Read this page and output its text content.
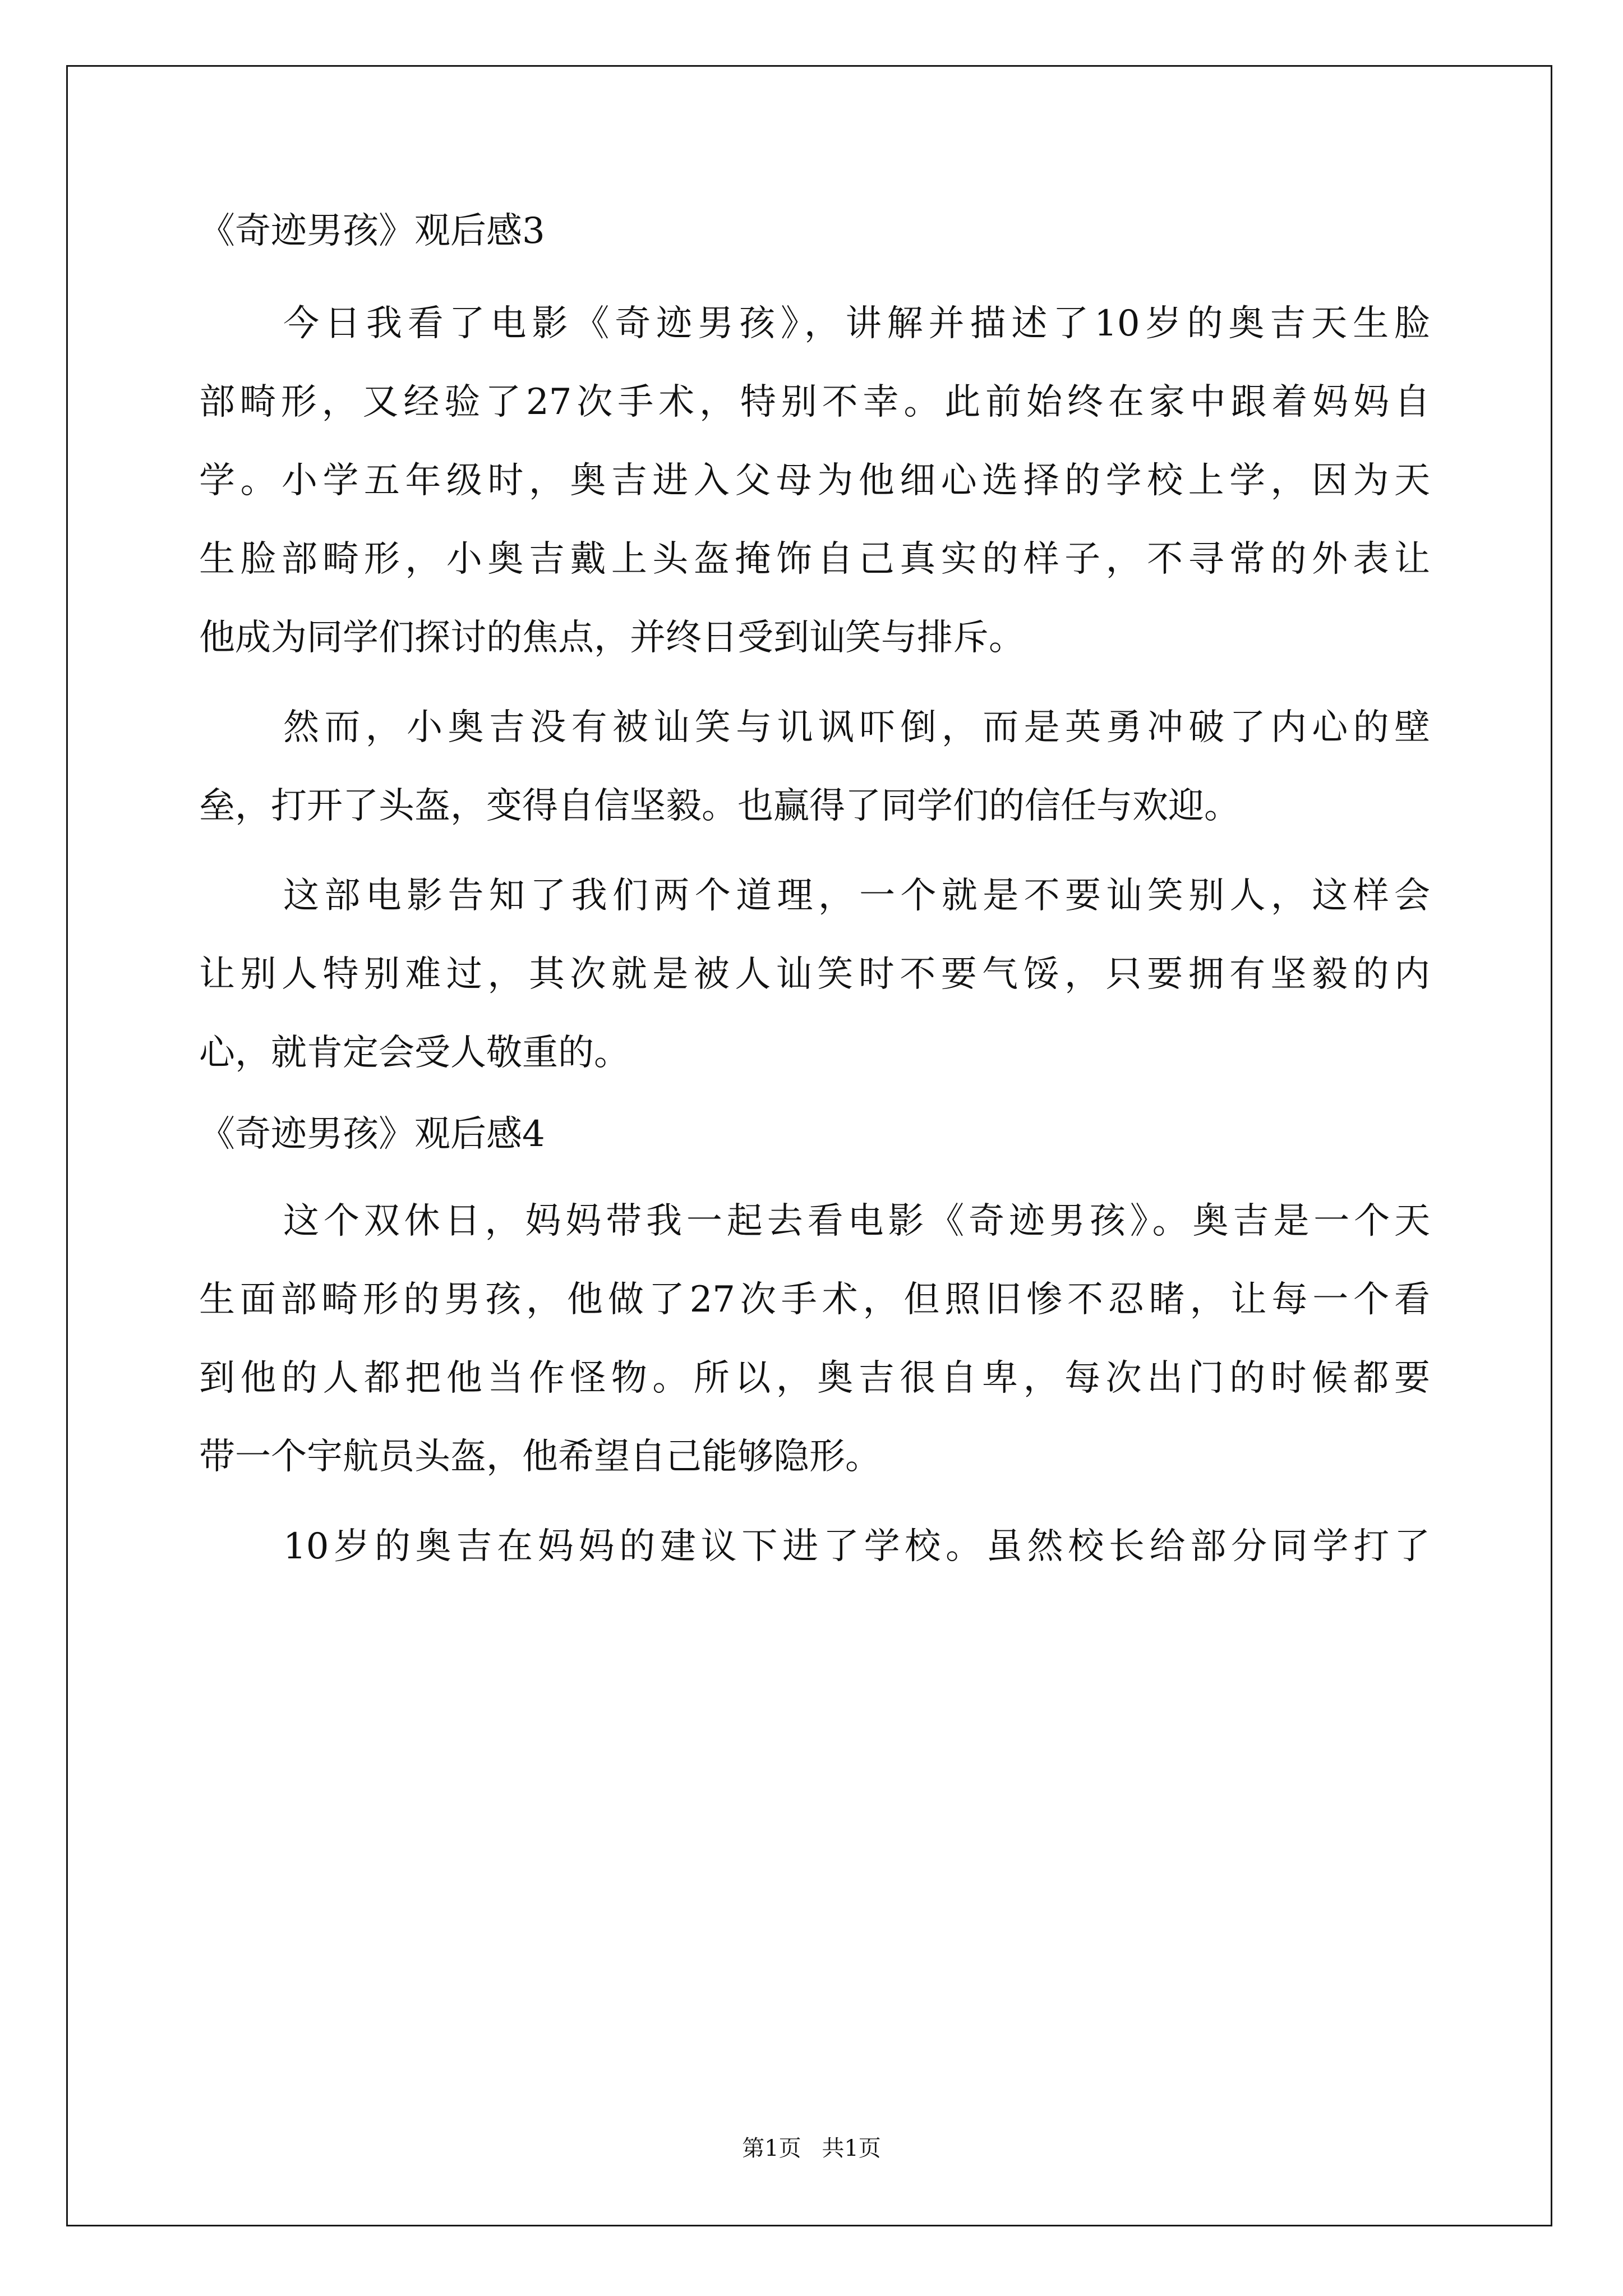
《奇迹男孩》观后感3
今日我看了电影《奇迹男孩》，讲解并描述了10岁的奥吉天生脸
部畸形，又经验了27次手术，特别不幸。此前始终在家中跟着妈妈自
学。小学五年级时，奥吉进入父母为他细心选择的学校上学，因为天
生脸部畸形，小奥吉戴上头盔掩饰自己真实的样子，不寻常的外表让
他成为同学们探讨的焦点，并终日受到讪笑与排斥。
然而，小奥吉没有被讪笑与讥讽吓倒，而是英勇冲破了内心的壁
垒，打开了头盔，变得自信坚毅。也赢得了同学们的信任与欢迎。
这部电影告知了我们两个道理，一个就是不要讪笑别人，这样会
让别人特别难过，其次就是被人讪笑时不要气馁，只要拥有坚毅的内
心，就肯定会受人敬重的。
《奇迹男孩》观后感4
这个双休日，妈妈带我一起去看电影《奇迹男孩》。奥吉是一个天
生面部畸形的男孩，他做了27次手术，但照旧惨不忍睹，让每一个看
到他的人都把他当作怪物。所以，奥吉很自卑，每次出门的时候都要
带一个宇航员头盔，他希望自己能够隐形。
10岁的奥吉在妈妈的建议下进了学校。虽然校长给部分同学打了
第1页 共1页
